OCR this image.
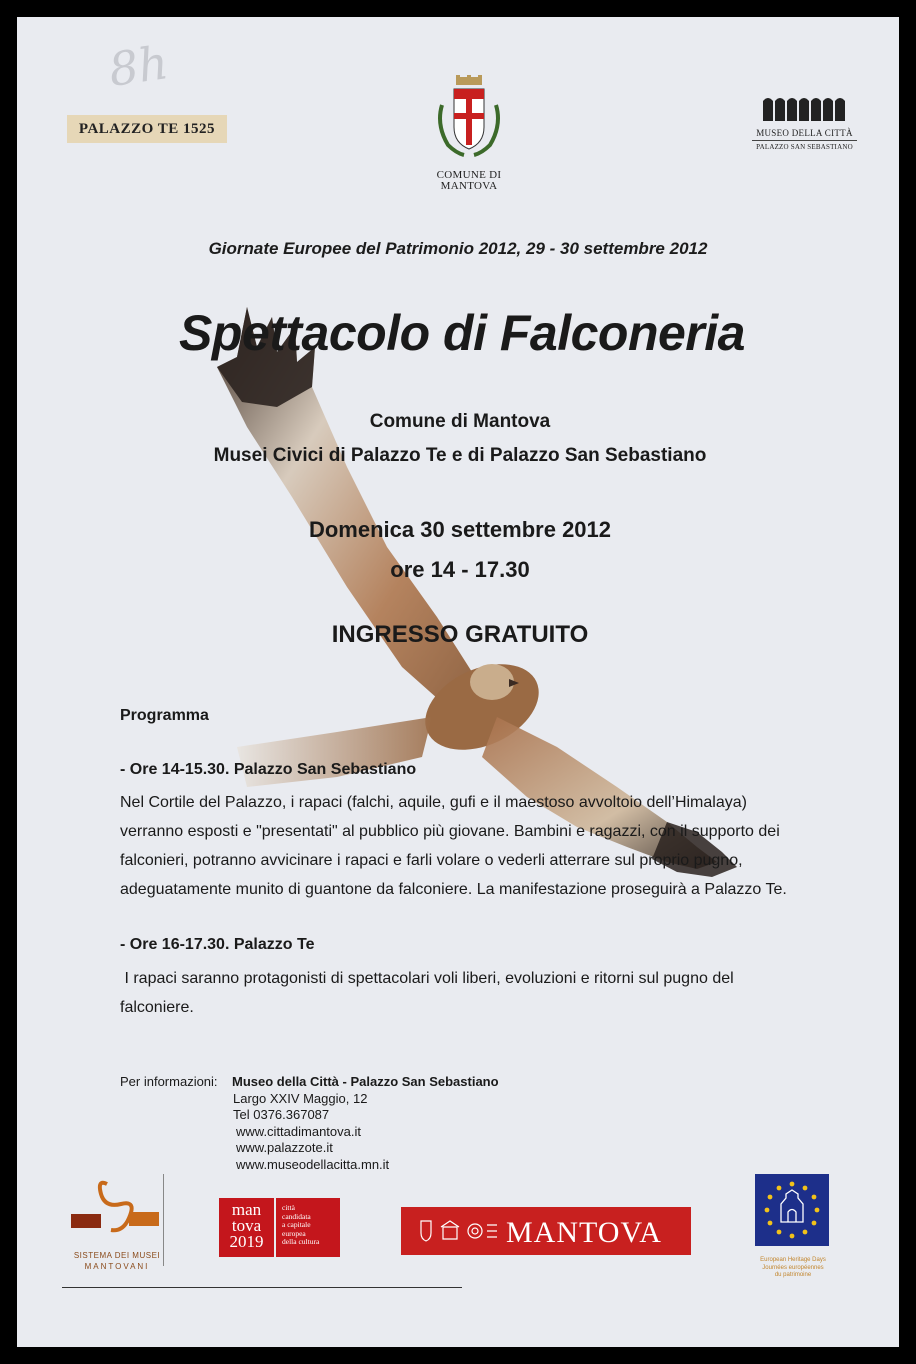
8h
PALAZZO TE 1525
COMUNE DI
MANTOVA
MUSEO DELLA CITTÀ
PALAZZO SAN SEBASTIANO
Giornate Europee del Patrimonio 2012, 29 - 30 settembre 2012
Spettacolo di Falconeria
Comune di Mantova
Musei Civici di Palazzo Te e di Palazzo San Sebastiano
Domenica 30 settembre 2012
ore 14 - 17.30
INGRESSO GRATUITO
Programma
- Ore 14-15.30. Palazzo San Sebastiano
Nel Cortile del Palazzo, i rapaci (falchi, aquile, gufi e il maestoso avvoltoio dell’Himalaya)
verranno esposti e "presentati" al pubblico più giovane. Bambini e ragazzi, con il supporto dei
falconieri, potranno avvicinare i rapaci e farli volare o vederli atterrare sul proprio pugno,
adeguatamente munito di guantone da falconiere. La manifestazione proseguirà a Palazzo Te.
- Ore 16-17.30. Palazzo Te
I rapaci saranno protagonisti di spettacolari voli liberi, evoluzioni e ritorni sul pugno del
falconiere.
Per informazioni: Museo della Città - Palazzo San Sebastiano
Largo XXIV Maggio, 12
Tel 0376.367087
www.cittadimantova.it
www.palazzote.it
www.museodellacitta.mn.it
SISTEMA DEI MUSEI
MANTOVANI
man
tova
2019
città
candidata
a capitale
europea
della cultura	MANTOVA
European Heritage Days
Journées européennes
du patrimoine
